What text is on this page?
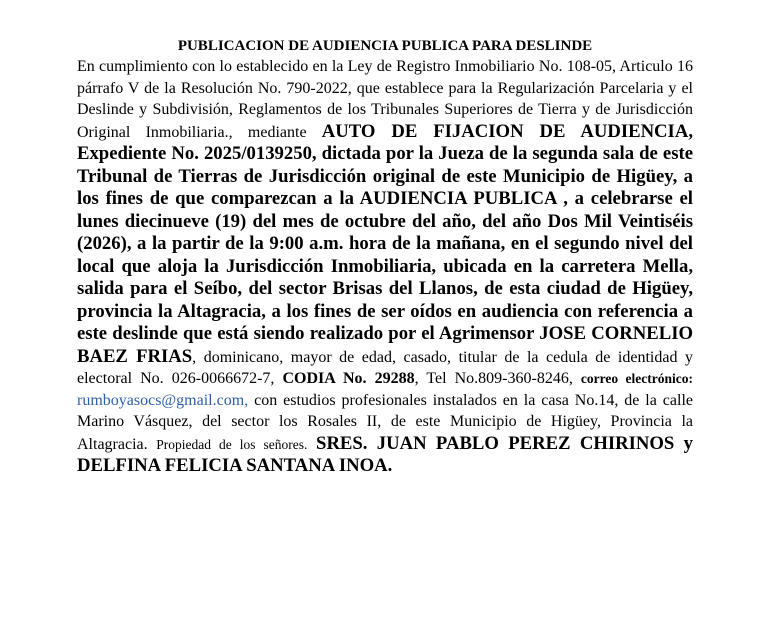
PUBLICACION DE AUDIENCIA PUBLICA PARA DESLINDE

En cumplimiento con lo establecido en la Ley de Registro Inmobiliario No. 108-05, Articulo 16 párrafo V de la Resolución No. 790-2022, que establece para la Regularización Parcelaria y el Deslinde y Subdivisión, Reglamentos de los Tribunales Superiores de Tierra y de Jurisdicción Original Inmobiliaria., mediante AUTO DE FIJACION DE AUDIENCIA, Expediente No. 2025/0139250, dictada por la Jueza de la segunda sala de este Tribunal de Tierras de Jurisdicción original de este Municipio de Higüey, a los fines de que comparezcan a la AUDIENCIA PUBLICA , a celebrarse el lunes diecinueve (19) del mes de octubre del año, del año Dos Mil Veintiséis (2026), a la partir de la 9:00 a.m. hora de la mañana, en el segundo nivel del local que aloja la Jurisdicción Inmobiliaria, ubicada en la carretera Mella, salida para el Seíbo, del sector Brisas del Llanos, de esta ciudad de Higüey, provincia la Altagracia, a los fines de ser oídos en audiencia con referencia a este deslinde que está siendo realizado por el Agrimensor JOSE CORNELIO BAEZ FRIAS, dominicano, mayor de edad, casado, titular de la cedula de identidad y electoral No. 026-0066672-7, CODIA No. 29288, Tel No.809-360-8246, correo electrónico: rumboyasocs@gmail.com, con estudios profesionales instalados en la casa No.14, de la calle Marino Vásquez, del sector los Rosales II, de este Municipio de Higüey, Provincia la Altagracia. Propiedad de los señores. SRES. JUAN PABLO PEREZ CHIRINOS y DELFINA FELICIA SANTANA INOA.
